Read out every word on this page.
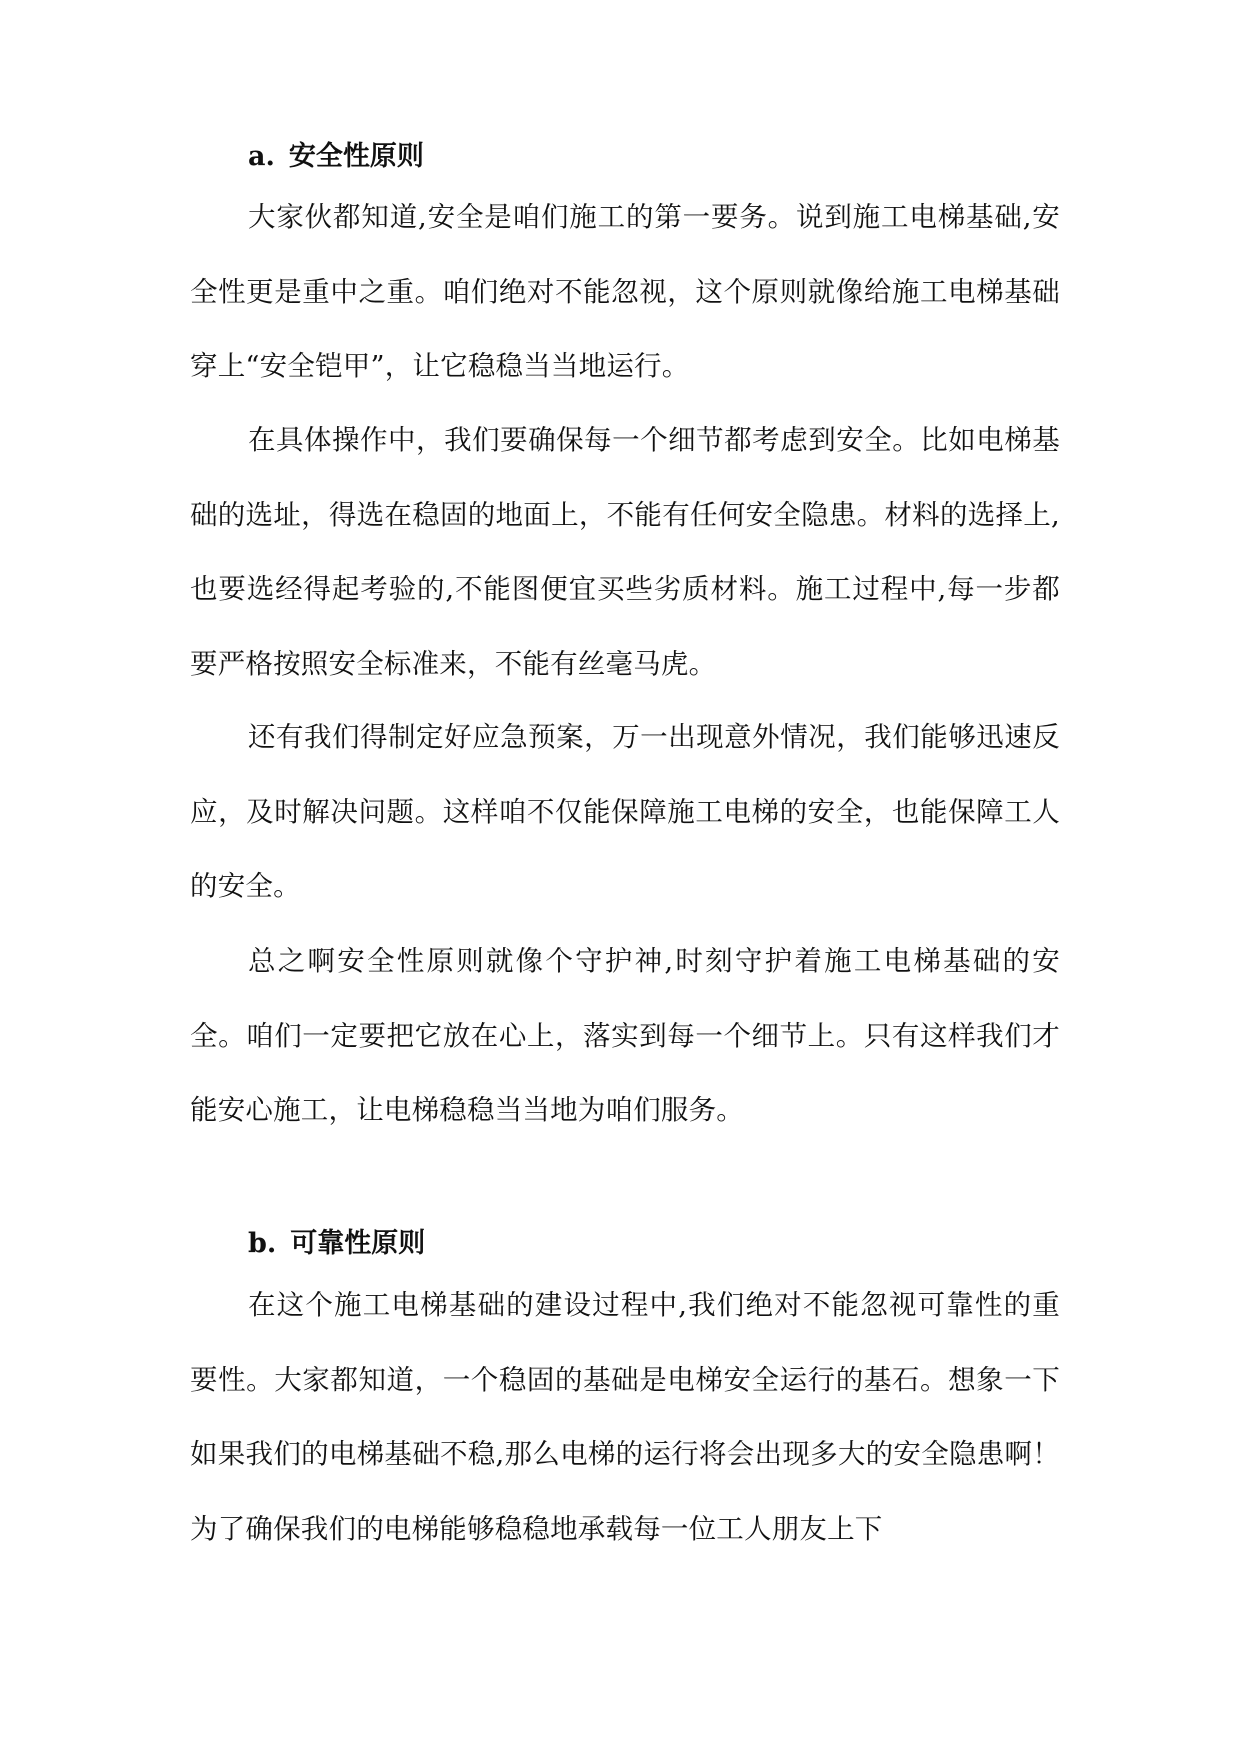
a. 安全性原则

大家伙都知道,安全是咱们施工的第一要务。说到施工电梯基础,安全性更是重中之重。咱们绝对不能忽视，这个原则就像给施工电梯基础穿上“安全铠甲”，让它稳稳当当地运行。

在具体操作中，我们要确保每一个细节都考虑到安全。比如电梯基础的选址，得选在稳固的地面上，不能有任何安全隐患。材料的选择上,也要选经得起考验的,不能图便宜买些劣质材料。施工过程中,每一步都要严格按照安全标准来，不能有丝毫马虎。

还有我们得制定好应急预案，万一出现意外情况，我们能够迅速反应，及时解决问题。这样咱不仅能保障施工电梯的安全，也能保障工人的安全。

总之啊安全性原则就像个守护神,时刻守护着施工电梯基础的安全。咱们一定要把它放在心上，落实到每一个细节上。只有这样我们才能安心施工，让电梯稳稳当当地为咱们服务。

b. 可靠性原则

在这个施工电梯基础的建设过程中,我们绝对不能忽视可靠性的重要性。大家都知道，一个稳固的基础是电梯安全运行的基石。想象一下如果我们的电梯基础不稳,那么电梯的运行将会出现多大的安全隐患啊！为了确保我们的电梯能够稳稳地承载每一位工人朋友上下
